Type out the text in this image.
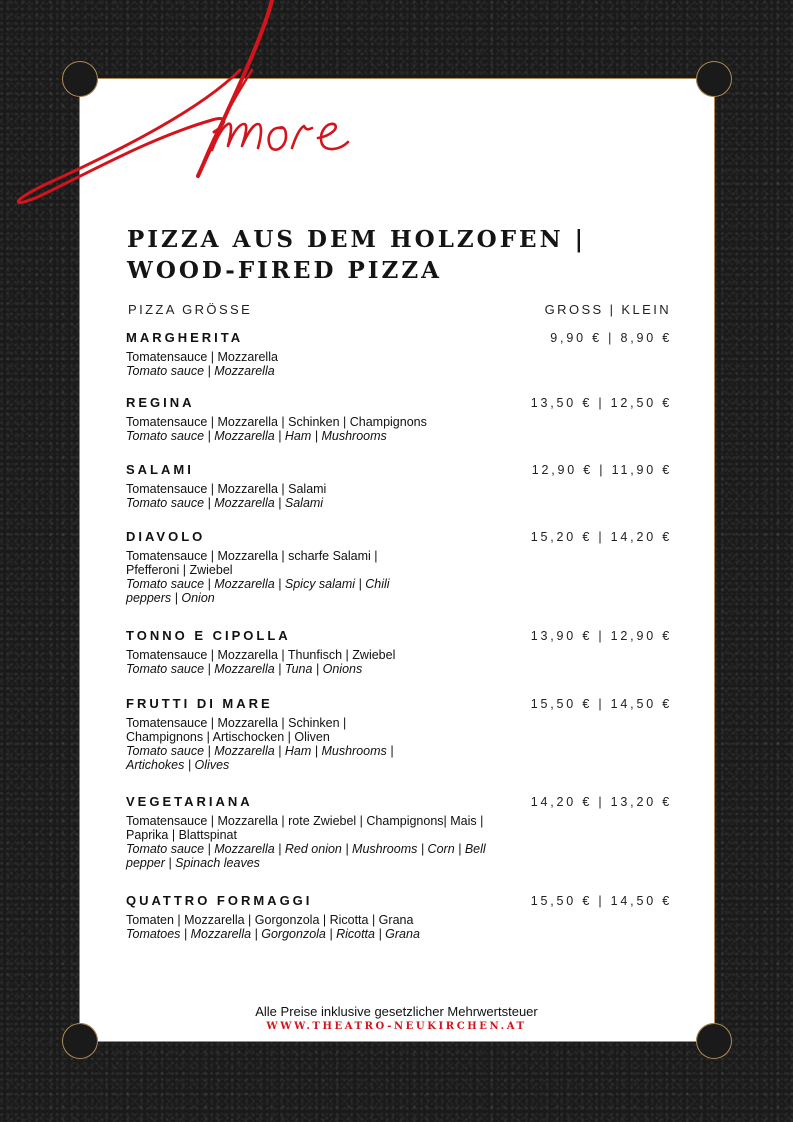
PIZZA AUS DEM HOLZOFEN | WOOD-FIRED PIZZA
PIZZA GRÖSSE	GROSS | KLEIN
MARGHERITA	9,90 € | 8,90 €

Tomatensauce | Mozzarella

Tomato sauce | Mozzarella

REGINA	13,50 € | 12,50 €

Tomatensauce | Mozzarella | Schinken | Champignons

Tomato sauce | Mozzarella | Ham | Mushrooms

SALAMI	12,90 € | 11,90 €

Tomatensauce | Mozzarella | Salami

Tomato sauce | Mozzarella | Salami

DIAVOLO	15,20 € | 14,20 €

Tomatensauce | Mozzarella | scharfe Salami | Pfefferoni | Zwiebel

Tomato sauce | Mozzarella | Spicy salami | Chili peppers | Onion

TONNO E CIPOLLA	13,90 € | 12,90 €

Tomatensauce | Mozzarella | Thunfisch | Zwiebel

Tomato sauce | Mozzarella | Tuna | Onions

FRUTTI DI MARE	15,50 € | 14,50 €

Tomatensauce | Mozzarella | Schinken | Champignons | Artischocken | Oliven

Tomato sauce | Mozzarella | Ham | Mushrooms | Artichokes | Olives

VEGETARIANA	14,20 € | 13,20 €

Tomatensauce | Mozzarella | rote Zwiebel | Champignons| Mais | Paprika | Blattspinat

Tomato sauce | Mozzarella | Red onion | Mushrooms | Corn | Bell pepper | Spinach leaves

QUATTRO FORMAGGI	15,50 € | 14,50 €

Tomaten | Mozzarella | Gorgonzola | Ricotta | Grana

Tomatoes | Mozzarella | Gorgonzola | Ricotta | Grana

Alle Preise inklusive gesetzlicher Mehrwertsteuer
WWW.THEATRO-NEUKIRCHEN.AT
